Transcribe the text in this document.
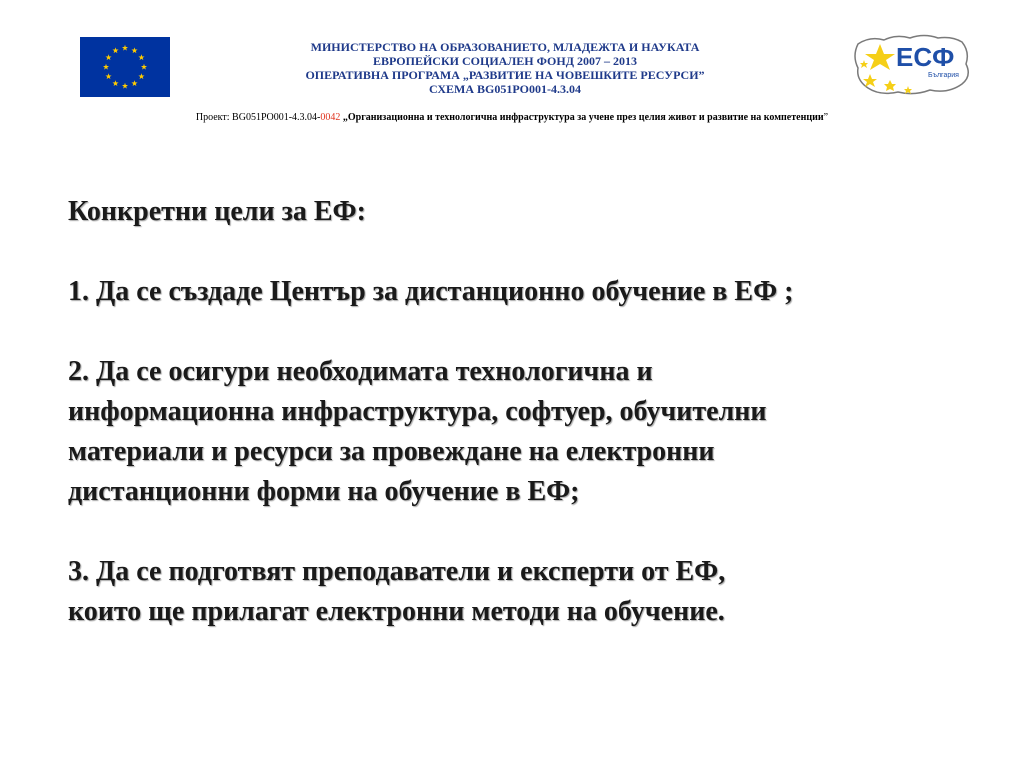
МИНИСТЕРСТВО НА ОБРАЗОВАНИЕТО, МЛАДЕЖТА И НАУКАТА
ЕВРОПЕЙСКИ СОЦИАЛЕН ФОНД 2007 – 2013
ОПЕРАТИВНА ПРОГРАМА „РАЗВИТИЕ НА ЧОВЕШКИТЕ РЕСУРСИ”
СХЕМА BG051PO001-4.3.04
ЕСФ
България
Проект: BG051PO001-4.3.04-0042 „Организационна и технологична инфраструктура за учене през целия живот и развитие на компетенции”
Конкретни цели за ЕФ:
1. Да се създаде Център за дистанционно обучение в ЕФ ;
2. Да се осигури необходимата технологична и
информационна инфраструктура, софтуер, обучителни
материали и ресурси за провеждане на електронни
дистанционни форми на обучение в ЕФ;
3. Да се подготвят преподаватели и експерти от ЕФ,
които ще прилагат електронни методи на обучение.
